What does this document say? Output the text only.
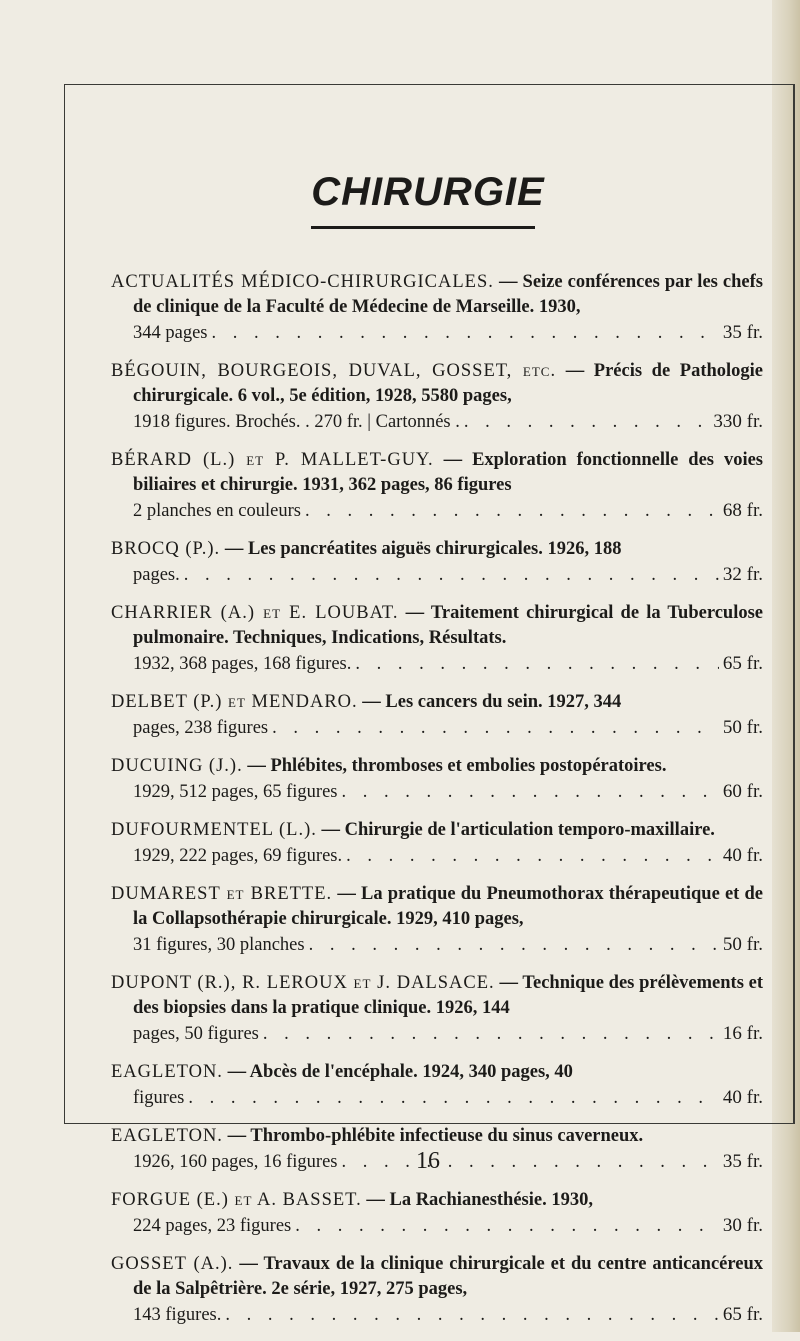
CHIRURGIE
ACTUALITÉS MÉDICO-CHIRURGICALES. — Seize conférences par les chefs de clinique de la Faculté de Médecine de Marseille. 1930,
344 pages . . .	35 fr.
BÉGOUIN, BOURGEOIS, DUVAL, GOSSET, etc. — Précis de Pathologie chirurgicale. 6 vol., 5e édition, 1928, 5580 pages,
1918 figures. Brochés. . 270 fr. | Cartonnés . . . .	330 fr.
BÉRARD (L.) et P. MALLET-GUY. — Exploration fonctionnelle des voies biliaires et chirurgie. 1931, 362 pages, 86 figures
2 planches en couleurs . . .	68 fr.
BROCQ (P.). — Les pancréatites aiguës chirurgicales. 1926, 188
pages. . . .	32 fr.
CHARRIER (A.) et E. LOUBAT. — Traitement chirurgical de la Tuberculose pulmonaire. Techniques, Indications, Résultats.
1932, 368 pages, 168 figures. . . .	65 fr.
DELBET (P.) et MENDARO. — Les cancers du sein. 1927, 344
pages, 238 figures . . .	50 fr.
DUCUING (J.). — Phlébites, thromboses et embolies postopératoires.
1929, 512 pages, 65 figures . . .	60 fr.
DUFOURMENTEL (L.). — Chirurgie de l'articulation temporo-maxillaire.
1929, 222 pages, 69 figures. . . .	40 fr.
DUMAREST et BRETTE. — La pratique du Pneumothorax thérapeutique et de la Collapsothérapie chirurgicale. 1929, 410 pages,
31 figures, 30 planches . . .	50 fr.
DUPONT (R.), R. LEROUX et J. DALSACE. — Technique des prélèvements et des biopsies dans la pratique clinique. 1926, 144
pages, 50 figures . . .	16 fr.
EAGLETON. — Abcès de l'encéphale. 1924, 340 pages, 40
figures . . .	40 fr.
EAGLETON. — Thrombo-phlébite infectieuse du sinus caverneux.
1926, 160 pages, 16 figures . . .	35 fr.
FORGUE (E.) et A. BASSET. — La Rachianesthésie. 1930,
224 pages, 23 figures . . .	30 fr.
GOSSET (A.). — Travaux de la clinique chirurgicale et du centre anticancéreux de la Salpêtrière. 2e série, 1927, 275 pages,
143 figures. . . .	65 fr.
16
